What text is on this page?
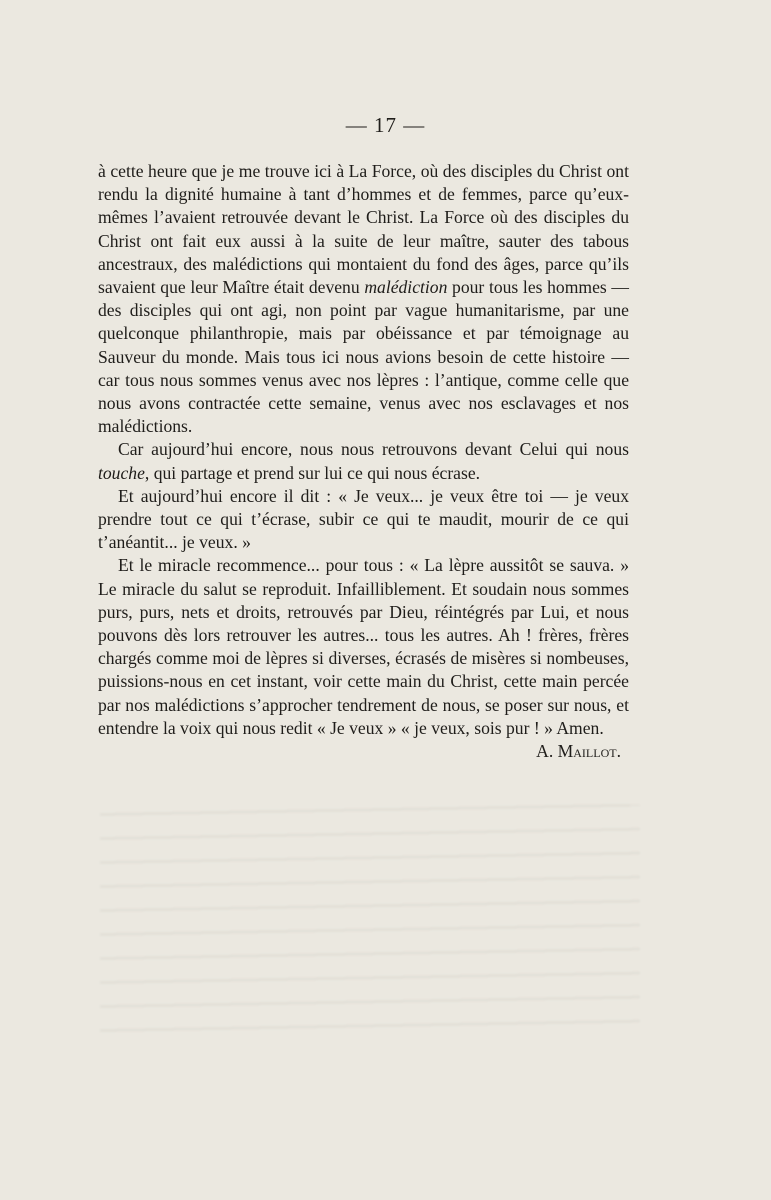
— 17 —

à cette heure que je me trouve ici à La Force, où des disciples du Christ ont rendu la dignité humaine à tant d’hommes et de femmes, parce qu’eux-mêmes l’avaient retrouvée devant le Christ. La Force où des disciples du Christ ont fait eux aussi à la suite de leur maître, sauter des tabous ancestraux, des malédictions qui montaient du fond des âges, parce qu’ils savaient que leur Maître était devenu malédiction pour tous les hommes — des disciples qui ont agi, non point par vague humanitarisme, par une quelconque philanthropie, mais par obéissance et par témoignage au Sauveur du monde. Mais tous ici nous avions besoin de cette histoire — car tous nous sommes venus avec nos lèpres : l’antique, comme celle que nous avons contractée cette semaine, venus avec nos esclavages et nos malédictions.

Car aujourd’hui encore, nous nous retrouvons devant Celui qui nous touche, qui partage et prend sur lui ce qui nous écrase.

Et aujourd’hui encore il dit : « Je veux... je veux être toi — je veux prendre tout ce qui t’écrase, subir ce qui te maudit, mourir de ce qui t’anéantit... je veux. »

Et le miracle recommence... pour tous : « La lèpre aussitôt se sauva. » Le miracle du salut se reproduit. Infailliblement. Et soudain nous sommes purs, purs, nets et droits, retrouvés par Dieu, réintégrés par Lui, et nous pouvons dès lors retrouver les autres... tous les autres. Ah ! frères, frères chargés comme moi de lèpres si diverses, écrasés de misères si nombeuses, puissions-nous en cet instant, voir cette main du Christ, cette main percée par nos malédictions s’approcher tendrement de nous, se poser sur nous, et entendre la voix qui nous redit « Je veux » « je veux, sois pur ! » Amen.

A. Maillot.
